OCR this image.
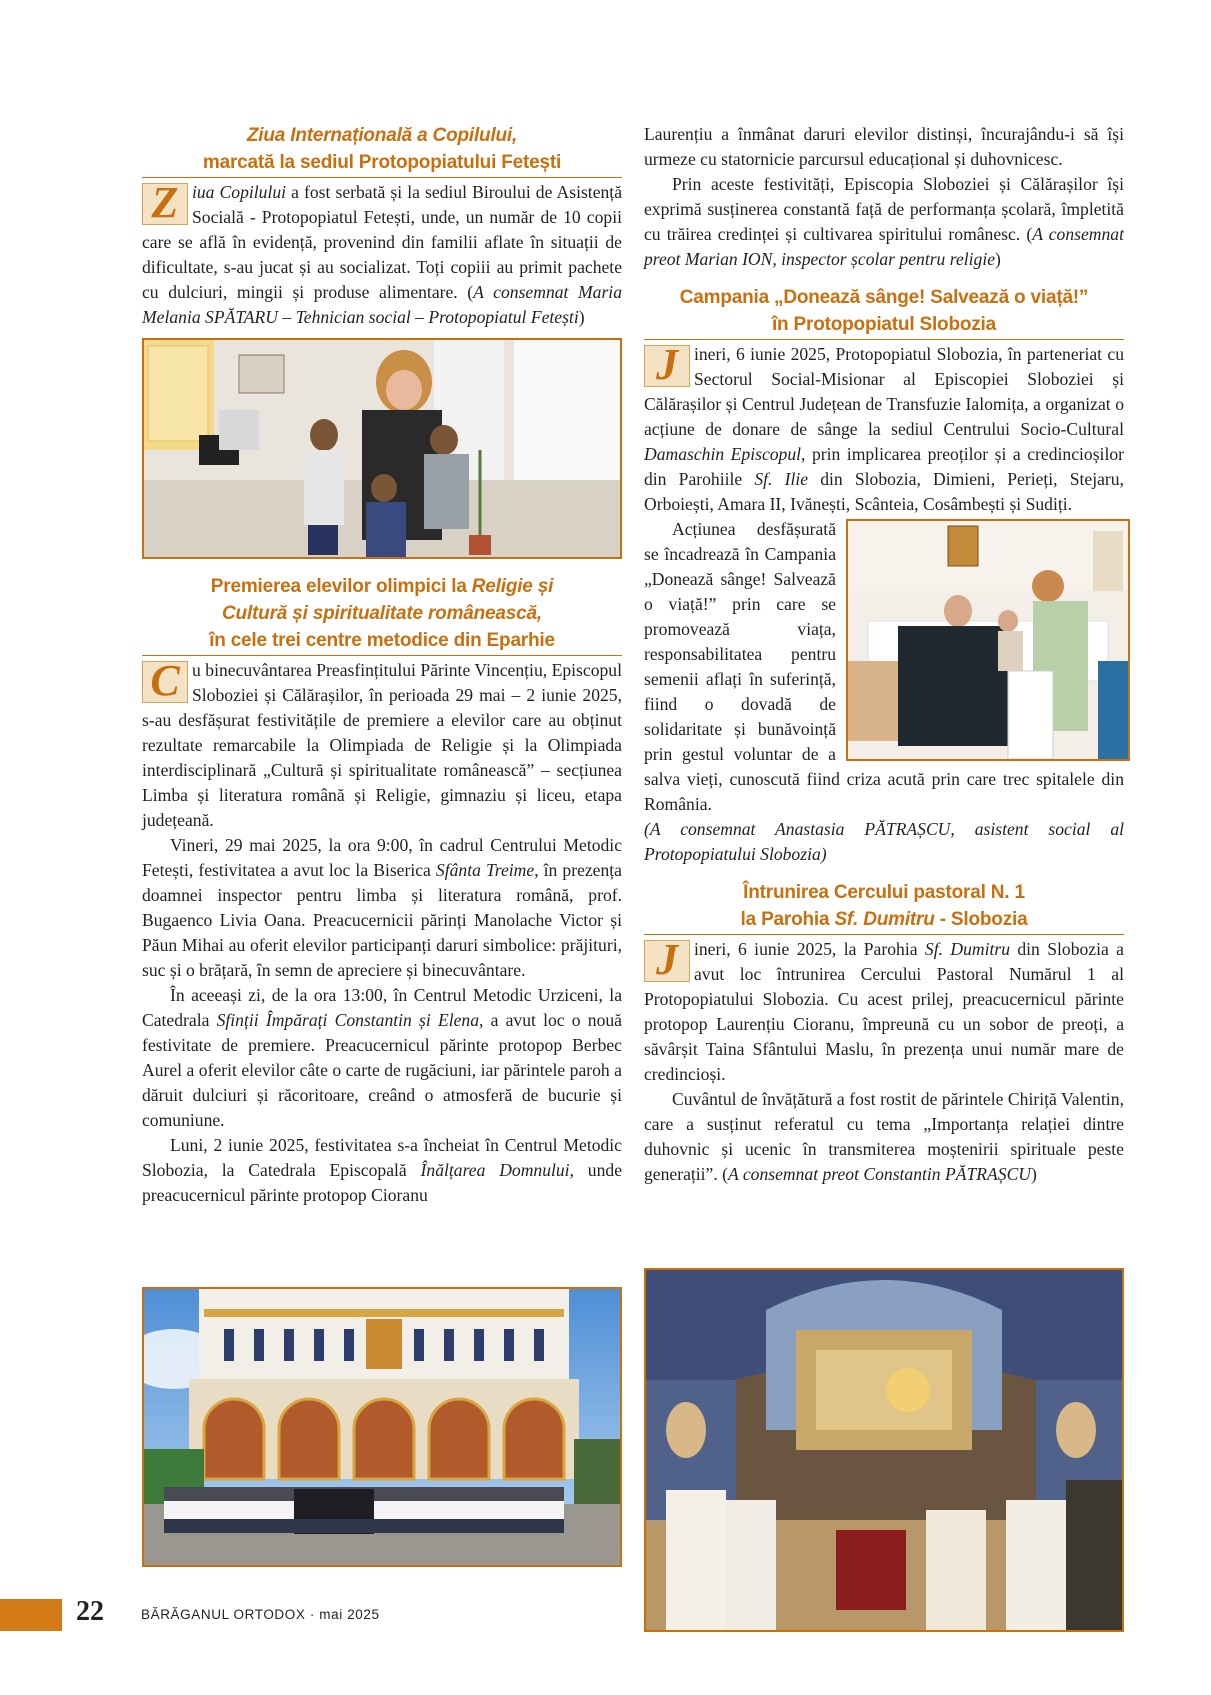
Ziua Internațională a Copilului,
marcată la sediul Protopopiatului Fetești

Z iua Copilului a fost serbată și la sediul Biroului de Asistență Socială - Protopopiatul Fetești, unde, un număr de 10 copii care se află în evidență, provenind din familii aflate în situații de dificultate, s-au jucat și au socializat. Toți copiii au primit pachete cu dulciuri, mingii și produse alimentare. (A consemnat Maria Melania SPĂTARU – Tehnician social – Protopopiatul Fetești)

Premierea elevilor olimpici la Religie și
Cultură și spiritualitate românească,
în cele trei centre metodice din Eparhie

C u binecuvântarea Preasfințitului Părinte Vincențiu, Episcopul Sloboziei și Călărașilor, în perioada 29 mai – 2 iunie 2025, s-au desfășurat festivitățile de premiere a elevilor care au obținut rezultate remarcabile la Olimpiada de Religie și la Olimpiada interdisciplinară „Cultură și spiritualitate românească” – secțiunea Limba și literatura română și Religie, gimnaziu și liceu, etapa județeană.

Vineri, 29 mai 2025, la ora 9:00, în cadrul Centrului Metodic Fetești, festivitatea a avut loc la Biserica Sfânta Treime, în prezența doamnei inspector pentru limba și literatura română, prof. Bugaenco Livia Oana. Preacucernicii părinți Manolache Victor și Păun Mihai au oferit elevilor participanți daruri simbolice: prăjituri, suc și o brățară, în semn de apreciere și binecuvântare.

În aceeași zi, de la ora 13:00, în Centrul Metodic Urziceni, la Catedrala Sfinții Împărați Constantin și Elena, a avut loc o nouă festivitate de premiere. Preacucernicul părinte protopop Berbec Aurel a oferit elevilor câte o carte de rugăciuni, iar părintele paroh a dăruit dulciuri și răcoritoare, creând o atmosferă de bucurie și comuniune.

Luni, 2 iunie 2025, festivitatea s-a încheiat în Centrul Metodic Slobozia, la Catedrala Episcopală Înălțarea Domnului, unde preacucernicul părinte protopop Cioranu

Laurențiu a înmânat daruri elevilor distinși, încurajându-i să își urmeze cu statornicie parcursul educațional și duhovnicesc.

Prin aceste festivități, Episcopia Sloboziei și Călărașilor își exprimă susținerea constantă față de performanța școlară, împletită cu trăirea credinței și cultivarea spiritului românesc. (A consemnat preot Marian ION, inspector școlar pentru religie)

Campania „Donează sânge! Salvează o viață!”
în Protopopiatul Slobozia

J ineri, 6 iunie 2025, Protopopiatul Slobozia, în parteneriat cu Sectorul Social-Misionar al Episcopiei Sloboziei și Călărașilor și Centrul Județean de Transfuzie Ialomița, a organizat o acțiune de donare de sânge la sediul Centrului Socio-Cultural Damaschin Episcopul, prin implicarea preoților și a credincioșilor din Parohiile Sf. Ilie din Slobozia, Dimieni, Perieți, Stejaru, Orboiești, Amara II, Ivănești, Scânteia, Cosâmbești și Sudiți.

Acțiunea desfășurată se încadrează în Campania „Donează sânge! Salvează o viață!” prin care se promovează viața, responsabilitatea pentru semenii aflați în suferință, fiind o dovadă de solidaritate și bunăvoință prin gestul voluntar de a salva vieți, cunoscută fiind criza acută prin care trec spitalele din România.

(A consemnat Anastasia PĂTRAȘCU, asistent social al Protopopiatului Slobozia)

Întrunirea Cercului pastoral N. 1
la Parohia Sf. Dumitru - Slobozia

J ineri, 6 iunie 2025, la Parohia Sf. Dumitru din Slobozia a avut loc întrunirea Cercului Pastoral Numărul 1 al Protopopiatului Slobozia. Cu acest prilej, preacucernicul părinte protopop Laurențiu Cioranu, împreună cu un sobor de preoți, a săvârșit Taina Sfântului Maslu, în prezența unui număr mare de credincioși.

Cuvântul de învățătură a fost rostit de părintele Chiriță Valentin, care a susținut referatul cu tema „Importanța relației dintre duhovnic și ucenic în transmiterea moștenirii spirituale peste generații”. (A consemnat preot Constantin PĂTRAȘCU)

22	BĂRĂGANUL ORTODOX · mai 2025
